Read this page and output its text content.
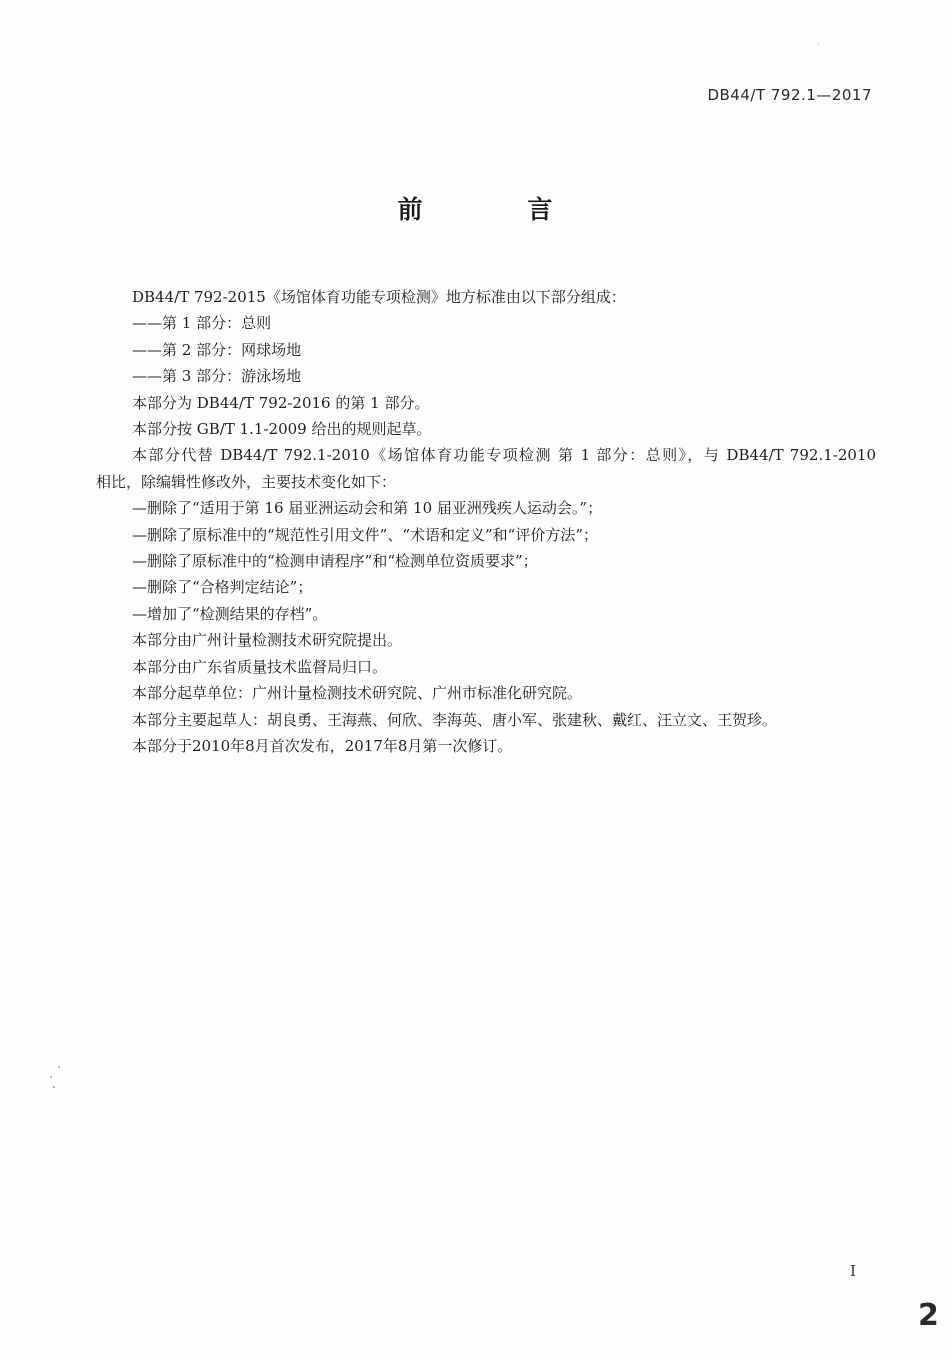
DB44/T 792.1—2017
前 言
DB44/T 792-2015《场馆体育功能专项检测》地方标准由以下部分组成：
——第 1 部分：总则
——第 2 部分：网球场地
——第 3 部分：游泳场地
本部分为 DB44/T 792-2016 的第 1 部分。
本部分按 GB/T 1.1-2009 给出的规则起草。
本部分代替 DB44/T 792.1-2010《场馆体育功能专项检测 第 1 部分：总则》，与 DB44/T 792.1-2010
相比，除编辑性修改外，主要技术变化如下：
—删除了“适用于第 16 届亚洲运动会和第 10 届亚洲残疾人运动会。”；
—删除了原标准中的“规范性引用文件”、“术语和定义”和“评价方法”；
—删除了原标准中的“检测申请程序”和“检测单位资质要求”；
—删除了“合格判定结论”；
—增加了“检测结果的存档”。
本部分由广州计量检测技术研究院提出。
本部分由广东省质量技术监督局归口。
本部分起草单位：广州计量检测技术研究院、广州市标准化研究院。
本部分主要起草人：胡良勇、王海燕、何欣、李海英、唐小军、张建秋、戴红、汪立文、王贺珍。
本部分于2010年8月首次发布，2017年8月第一次修订。
I
2
